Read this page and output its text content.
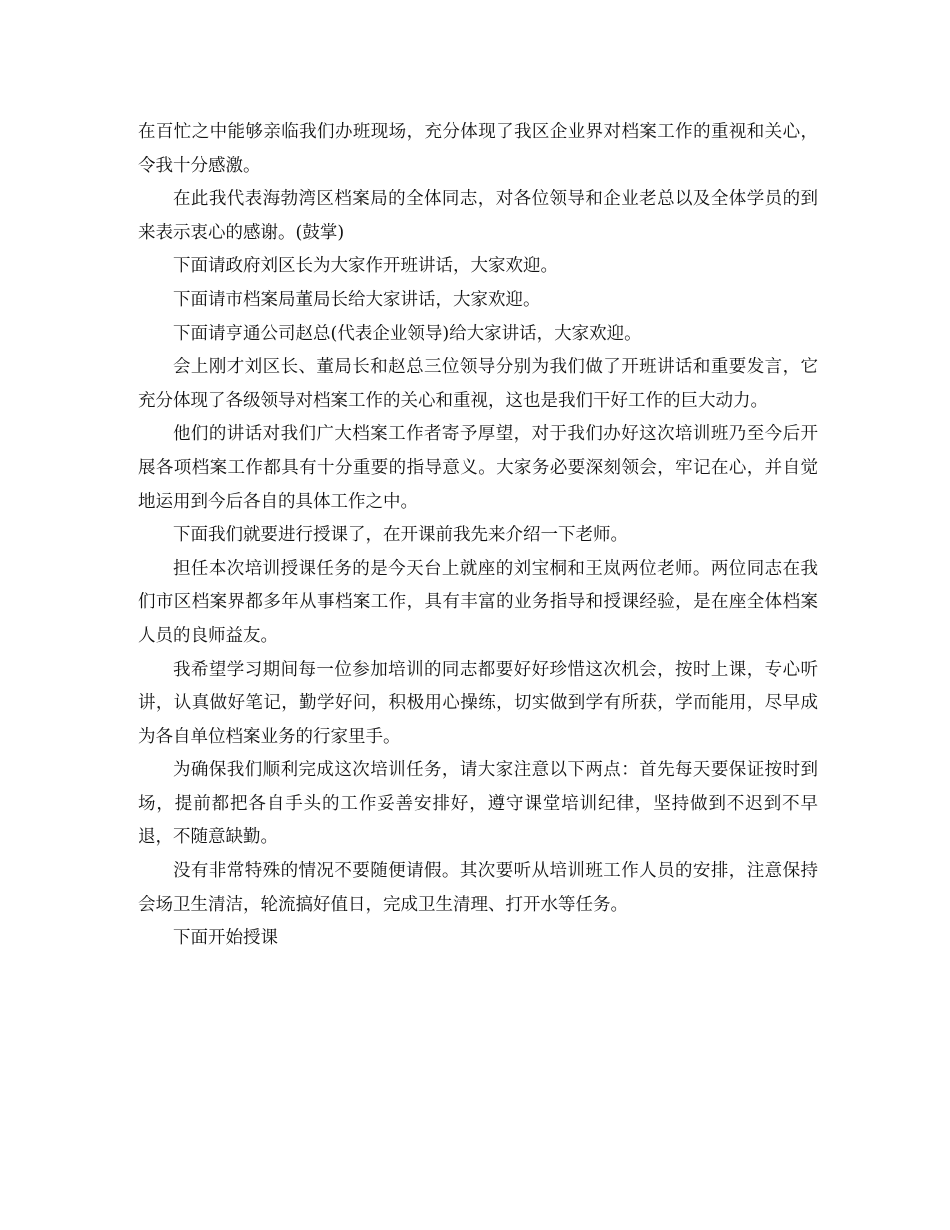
在百忙之中能够亲临我们办班现场，充分体现了我区企业界对档案工作的重视和关心，令我十分感激。

在此我代表海勃湾区档案局的全体同志，对各位领导和企业老总以及全体学员的到来表示衷心的感谢。(鼓掌)

下面请政府刘区长为大家作开班讲话，大家欢迎。

下面请市档案局董局长给大家讲话，大家欢迎。

下面请亨通公司赵总(代表企业领导)给大家讲话，大家欢迎。

会上刚才刘区长、董局长和赵总三位领导分别为我们做了开班讲话和重要发言，它充分体现了各级领导对档案工作的关心和重视，这也是我们干好工作的巨大动力。

他们的讲话对我们广大档案工作者寄予厚望，对于我们办好这次培训班乃至今后开展各项档案工作都具有十分重要的指导意义。大家务必要深刻领会，牢记在心，并自觉地运用到今后各自的具体工作之中。

下面我们就要进行授课了，在开课前我先来介绍一下老师。

担任本次培训授课任务的是今天台上就座的刘宝桐和王岚两位老师。两位同志在我们市区档案界都多年从事档案工作，具有丰富的业务指导和授课经验，是在座全体档案人员的良师益友。

我希望学习期间每一位参加培训的同志都要好好珍惜这次机会，按时上课，专心听讲，认真做好笔记，勤学好问，积极用心操练，切实做到学有所获，学而能用，尽早成为各自单位档案业务的行家里手。

为确保我们顺利完成这次培训任务，请大家注意以下两点：首先每天要保证按时到场，提前都把各自手头的工作妥善安排好，遵守课堂培训纪律，坚持做到不迟到不早退，不随意缺勤。

没有非常特殊的情况不要随便请假。其次要听从培训班工作人员的安排，注意保持会场卫生清洁，轮流搞好值日，完成卫生清理、打开水等任务。

下面开始授课
